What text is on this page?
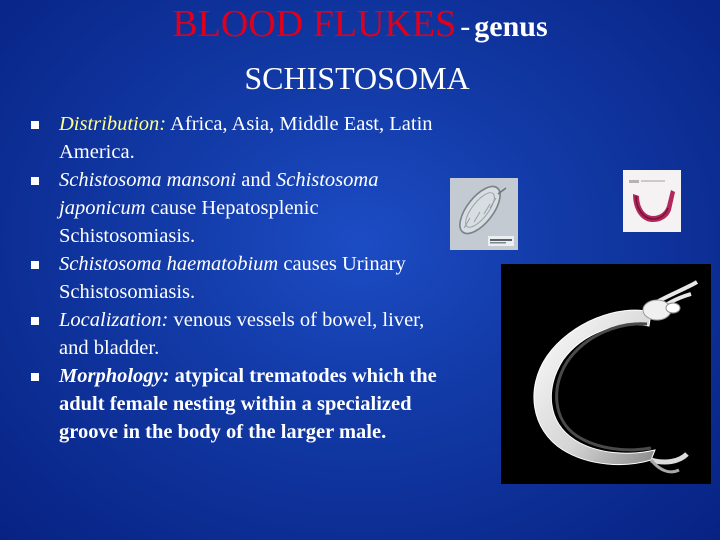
BLOOD FLUKES - genus
SCHISTOSOMA
Distribution: Africa, Asia, Middle East, Latin America.
Schistosoma mansoni and Schistosoma japonicum cause Hepatosplenic Schistosomiasis.
Schistosoma haematobium causes Urinary Schistosomiasis.
Localization: venous vessels of bowel, liver, and bladder.
Morphology: atypical trematodes which the adult female nesting within a specialized groove in the body of the larger male.
